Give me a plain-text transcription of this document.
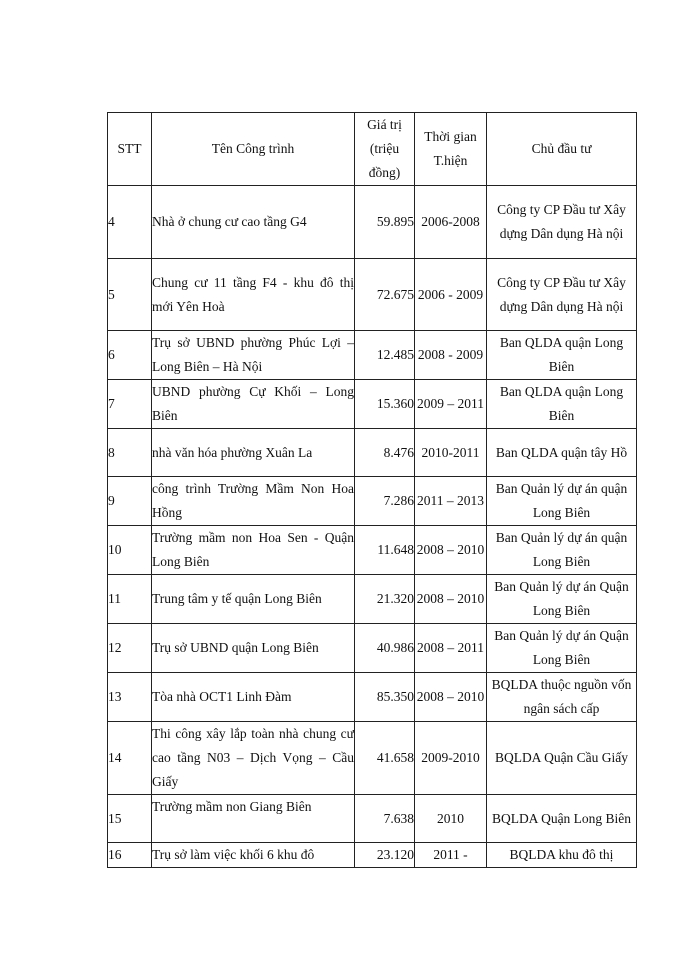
STT	Tên Công trình	Giá trị (triệu đồng)	Thời gian T.hiện	Chủ đầu tư
4	Nhà ở chung cư cao tầng G4	59.895	2006-2008	Công ty CP Đầu tư Xây dựng Dân dụng Hà nội
5	Chung cư 11 tầng F4 - khu đô thị mới Yên Hoà	72.675	2006 - 2009	Công ty CP Đầu tư Xây dựng Dân dụng Hà nội
6	Trụ sở UBND phường Phúc Lợi – Long Biên – Hà Nội	12.485	2008 - 2009	Ban QLDA quận Long Biên
7	UBND phường Cự Khối – Long Biên	15.360	2009 – 2011	Ban QLDA quận Long Biên
8	nhà văn hóa phường Xuân La	8.476	2010-2011	Ban QLDA quận tây Hồ
9	công trình Trường Mầm Non Hoa Hồng	7.286	2011 – 2013	Ban Quản lý dự án quận Long Biên
10	Trường mầm non Hoa Sen - Quận Long Biên	11.648	2008 – 2010	Ban Quản lý dự án quận Long Biên
11	Trung tâm y tế quận Long Biên	21.320	2008 – 2010	Ban Quản lý dự án Quận Long Biên
12	Trụ sở UBND quận Long Biên	40.986	2008 – 2011	Ban Quản lý dự án Quận Long Biên
13	Tòa nhà OCT1 Linh Đàm	85.350	2008 – 2010	BQLDA thuộc nguồn vốn ngân sách cấp
14	Thi công xây lắp toàn nhà chung cư cao tầng N03 – Dịch Vọng – Cầu Giấy	41.658	2009-2010	BQLDA Quận Cầu Giấy
15	Trường mầm non Giang Biên	7.638	2010	BQLDA Quận Long Biên
16	Trụ sở làm việc khối 6 khu đô	23.120	2011 -	BQLDA khu đô thị
